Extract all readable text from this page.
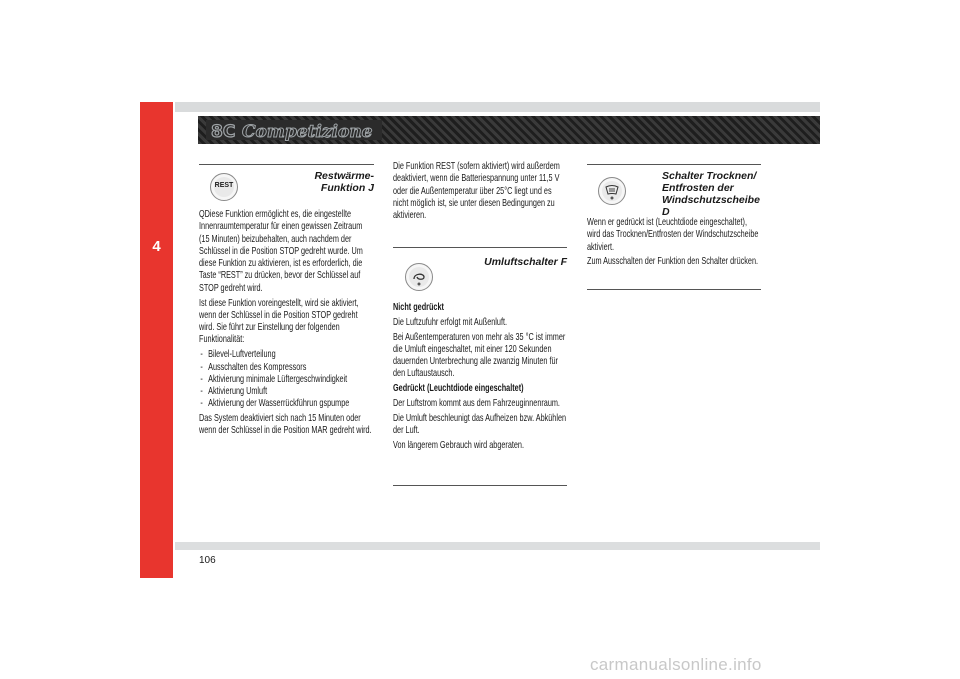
4
8C Competizione
REST
Restwärme-Funktion J

QDiese Funktion ermöglicht es, die eingestellte Innenraumtemperatur für einen gewissen Zeitraum (15 Minuten) beizubehalten, auch nachdem der Schlüssel in die Position STOP gedreht wurde. Um diese Funktion zu aktivieren, ist es erforderlich, die Taste “REST” zu drücken, bevor der Schlüssel auf STOP gedreht wird.

Ist diese Funktion voreingestellt, wird sie aktiviert, wenn der Schlüssel in die Position STOP gedreht wird. Sie führt zur Einstellung der folgenden Funktionalität:

- Bilevel-Luftverteilung
- Ausschalten des Kompressors
- Aktivierung minimale Lüftergeschwindigkeit
- Aktivierung Umluft
- Aktivierung der Wasserrückführun gspumpe

Das System deaktiviert sich nach 15 Minuten oder wenn der Schlüssel in die Position MAR gedreht wird.

Die Funktion REST (sofern aktiviert) wird außerdem deaktiviert, wenn die Batteriespannung unter 11,5 V oder die Außentemperatur über 25°C liegt und es nicht möglich ist, sie unter diesen Bedingungen zu aktivieren.

Umluftschalter F

Nicht gedrückt

Die Luftzufuhr erfolgt mit Außenluft.

Bei Außentemperaturen von mehr als 35 °C ist immer die Umluft eingeschaltet, mit einer 120 Sekunden dauernden Unterbrechung alle zwanzig Minuten für den Luftaustausch.

Gedrückt (Leuchtdiode eingeschaltet)

Der Luftstrom kommt aus dem Fahrzeuginnenraum.

Die Umluft beschleunigt das Aufheizen bzw. Abkühlen der Luft.

Von längerem Gebrauch wird abgeraten.

Schalter Trocknen/
Entfrosten der
Windschutzscheibe D

Wenn er gedrückt ist (Leuchtdiode eingeschaltet), wird das Trocknen/Entfrosten der Windschutzscheibe aktiviert.

Zum Ausschalten der Funktion den Schalter drücken.

106
carmanualsonline.info
